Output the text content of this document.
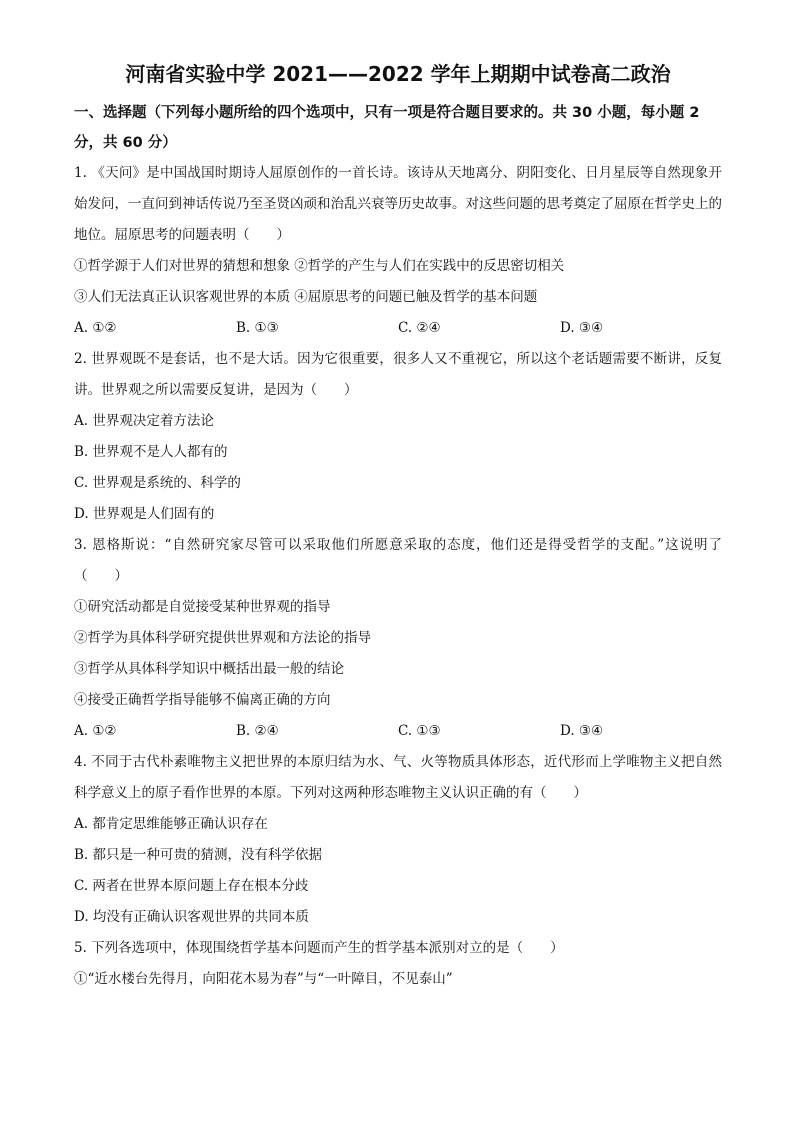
河南省实验中学 2021——2022 学年上期期中试卷高二政治

一、选择题（下列每小题所给的四个选项中，只有一项是符合题目要求的。共 30 小题，每小题 2 分，共 60 分）

1. 《天问》是中国战国时期诗人屈原创作的一首长诗。该诗从天地离分、阴阳变化、日月星辰等自然现象开始发问，一直问到神话传说乃至圣贤凶顽和治乱兴衰等历史故事。对这些问题的思考奠定了屈原在哲学史上的地位。屈原思考的问题表明（　　）

①哲学源于人们对世界的猜想和想象 ②哲学的产生与人们在实践中的反思密切相关

③人们无法真正认识客观世界的本质 ④屈原思考的问题已触及哲学的基本问题

A. ①②	B. ①③	C. ②④	D. ③④

2. 世界观既不是套话，也不是大话。因为它很重要，很多人又不重视它，所以这个老话题需要不断讲，反复讲。世界观之所以需要反复讲，是因为（　　）

A. 世界观决定着方法论

B. 世界观不是人人都有的

C. 世界观是系统的、科学的

D. 世界观是人们固有的

3. 恩格斯说：“自然研究家尽管可以采取他们所愿意采取的态度，他们还是得受哲学的支配。”这说明了（　　）

①研究活动都是自觉接受某种世界观的指导

②哲学为具体科学研究提供世界观和方法论的指导

③哲学从具体科学知识中概括出最一般的结论

④接受正确哲学指导能够不偏离正确的方向

A. ①②	B. ②④	C. ①③	D. ③④

4. 不同于古代朴素唯物主义把世界的本原归结为水、气、火等物质具体形态，近代形而上学唯物主义把自然科学意义上的原子看作世界的本原。下列对这两种形态唯物主义认识正确的有（　　）

A. 都肯定思维能够正确认识存在

B. 都只是一种可贵的猜测，没有科学依据

C. 两者在世界本原问题上存在根本分歧

D. 均没有正确认识客观世界的共同本质

5. 下列各选项中，体现围绕哲学基本问题而产生的哲学基本派别对立的是（　　）

①“近水楼台先得月，向阳花木易为春”与“一叶障目，不见泰山”
